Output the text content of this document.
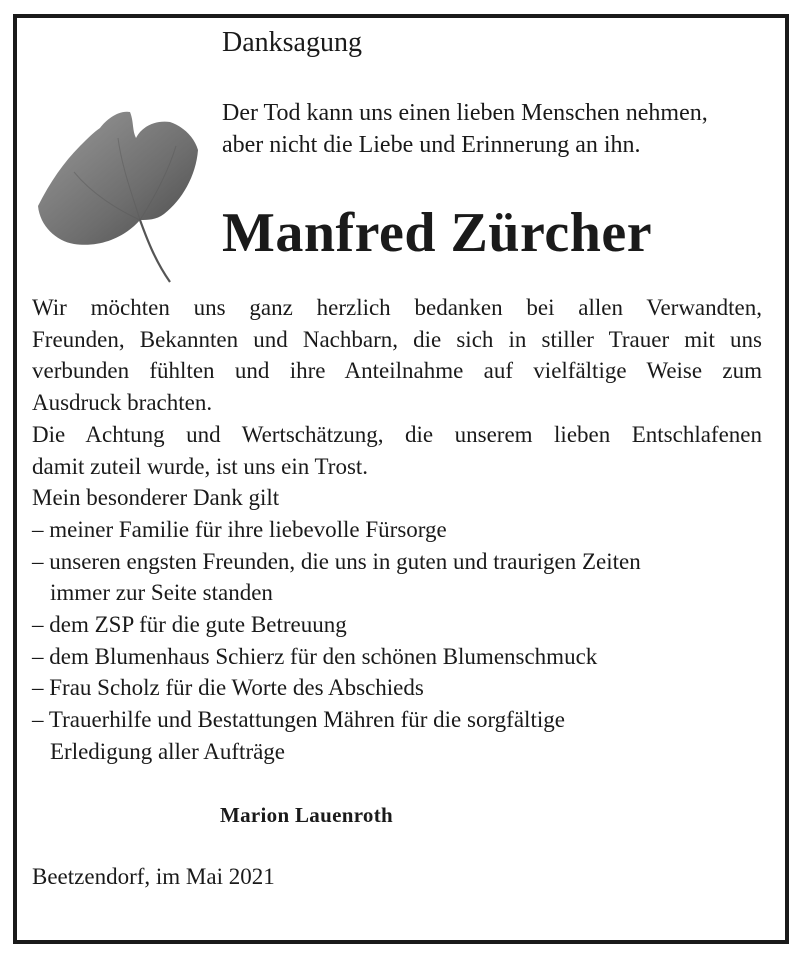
Danksagung
Der Tod kann uns einen lieben Menschen nehmen,
aber nicht die Liebe und Erinnerung an ihn.
Manfred Zürcher
Wir möchten uns ganz herzlich bedanken bei allen Verwandten,
Freunden, Bekannten und Nachbarn, die sich in stiller Trauer mit uns
verbunden fühlten und ihre Anteilnahme auf vielfältige Weise zum
Ausdruck brachten.
Die Achtung und Wertschätzung, die unserem lieben Entschlafenen
damit zuteil wurde, ist uns ein Trost.
Mein besonderer Dank gilt
– meiner Familie für ihre liebevolle Fürsorge
– unseren engsten Freunden, die uns in guten und traurigen Zeiten
immer zur Seite standen
– dem ZSP für die gute Betreuung
– dem Blumenhaus Schierz für den schönen Blumenschmuck
– Frau Scholz für die Worte des Abschieds
– Trauerhilfe und Bestattungen Mähren für die sorgfältige
Erledigung aller Aufträge
Marion Lauenroth
Beetzendorf, im Mai 2021
